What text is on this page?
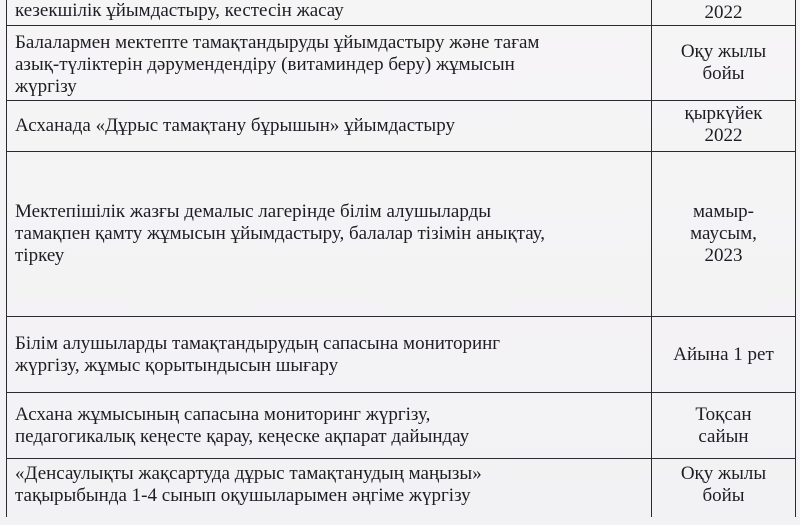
кезекшілік ұйымдастыру, кестесін жасау	2022

Балалармен мектепте тамақтандыруды ұйымдастыру және тағам
азық-түліктерін дәрумендендіру (витаминдер беру) жұмысын
жүргізу	Оқу жылы
бойы

Асханада «Дұрыс тамақтану бұрышын» ұйымдастыру	қыркүйек
2022

Мектепішілік жазғы демалыс лагерінде білім алушыларды
тамақпен қамту жұмысын ұйымдастыру, балалар тізімін анықтау,
тіркеу	мамыр-
маусым,
2023

Білім алушыларды тамақтандырудың сапасына мониторинг
жүргізу, жұмыс қорытындысын шығару	Айына 1 рет

Асхана жұмысының сапасына мониторинг жүргізу,
педагогикалық кеңесте қарау, кеңеске ақпарат дайындау	Тоқсан
сайын

«Денсаулықты жақсартуда дұрыс тамақтанудың маңызы»
тақырыбында 1-4 сынып оқушыларымен әңгіме жүргізу	Оқу жылы
бойы
